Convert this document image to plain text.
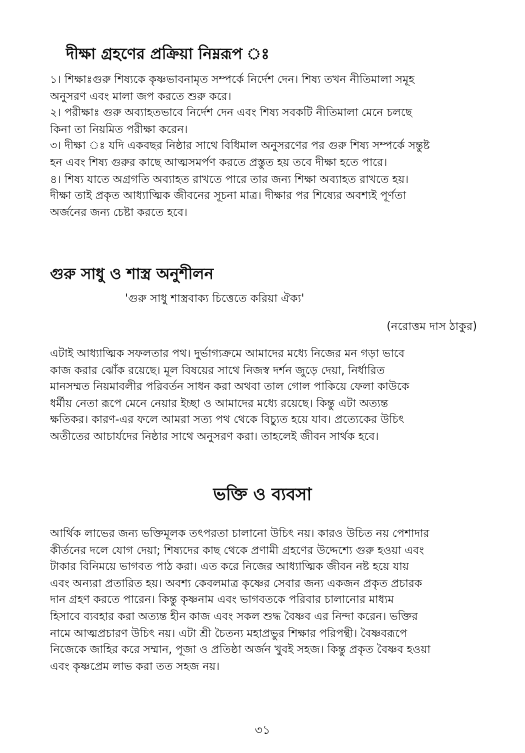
দীক্ষা গ্রহণের প্রক্রিয়া নিম্নরূপ ঃ
১। শিক্ষাঃগুরু শিষ্যকে কৃষ্ণভাবনামৃত সম্পর্কে নির্দেশ দেন। শিষ্য তখন নীতিমালা সমূহ
অনুসরণ এবং মালা জপ করতে শুরু করে।
২। পরীক্ষাঃ গুরু অব্যাহতভাবে নির্দেশ দেন এবং শিষ্য সবকটি নীতিমালা মেনে চলছে
কিনা তা নিয়মিত পরীক্ষা করেন।
৩। দীক্ষা ঃ যদি একবছর নিষ্ঠার সাথে বিধিমাল অনুসরণের পর গুরু শিষ্য সম্পর্কে সন্তুষ্ট
হন এবং শিষ্য গুরুর কাছে আত্মসমর্পণ করতে প্রস্তুত হয় তবে দীক্ষা হতে পারে।
৪। শিষ্য যাতে অগ্রগতি অব্যাহত রাখতে পারে তার জন্য শিক্ষা অব্যাহত রাখতে হয়।
দীক্ষা তাই প্রকৃত আধ্যাত্মিক জীবনের সূচনা মাত্র। দীক্ষার পর শিষ্যের অবশ্যই পূর্ণতা
অর্জনের জন্য চেষ্টা করতে হবে।
গুরু সাধু ও শাস্ত্র অনুশীলন
'গুরু সাধু শাস্ত্রবাক্য চিত্তেতে করিয়া ঐক্য'
(নরোত্তম দাস ঠাকুর)
এটাই আধ্যাত্মিক সফলতার পথ। দুর্ভাগ্যক্রমে আমাদের মধ্যে নিজের মন গড়া ভাবে
কাজ করার ঝোঁক রয়েছে। মূল বিষয়ের সাথে নিজস্ব দর্শন জুড়ে দেয়া, নির্ধারিত
মানসম্মত নিয়মাবলীর পরিবর্তন সাধন করা অথবা তাল গোল পাকিয়ে ফেলা কাউকে
ধর্মীয় নেতা রূপে মেনে নেয়ার ইচ্ছা ও আমাদের মধ্যে রয়েছে। কিন্তু এটা অত্যন্ত
ক্ষতিকর। কারণ-এর ফলে আমরা সত্য পথ থেকে বিচ্যুত হয়ে যাব। প্রত্যেকের উচিৎ
অতীতের আচার্যদের নিষ্ঠার সাথে অনুসরণ করা। তাহলেই জীবন সার্থক হবে।
ভক্তি ও ব্যবসা
আর্থিক লাভের জন্য ভক্তিমূলক তৎপরতা চালানো উচিৎ নয়। কারও উচিত নয় পেশাদার
কীর্তনের দলে যোগ দেয়া; শিষ্যদের কাছ থেকে প্রণামী গ্রহণের উদ্দেশ্যে গুরু হওয়া এবং
টাকার বিনিময়ে ভাগবত পাঠ করা। এত করে নিজের আধ্যাত্মিক জীবন নষ্ট হয়ে যায়
এবং অন্যরা প্রতারিত হয়। অবশ্য কেবলমাত্র কৃষ্ণের সেবার জন্য একজন প্রকৃত প্রচারক
দান গ্রহণ করতে পারেন। কিন্তু কৃষ্ণনাম এবং ভাগবতকে পরিবার চালানোর মাধ্যম
হিসাবে ব্যবহার করা অত্যন্ত হীন কাজ এবং সকল শুদ্ধ বৈষ্ণব এর নিন্দা করেন। ভক্তির
নামে আত্মপ্রচারণ উচিৎ নয়। এটা শ্রী চৈতন্য মহাপ্রভুর শিক্ষার পরিপন্থী। বৈষ্ণবরূপে
নিজেকে জাহির করে সম্মান, পূজা ও প্রতিষ্ঠা অর্জন খুবই সহজ। কিন্তু প্রকৃত বৈষ্ণব হওয়া
এবং কৃষ্ণপ্রেম লাভ করা তত সহজ নয়।
৩১
